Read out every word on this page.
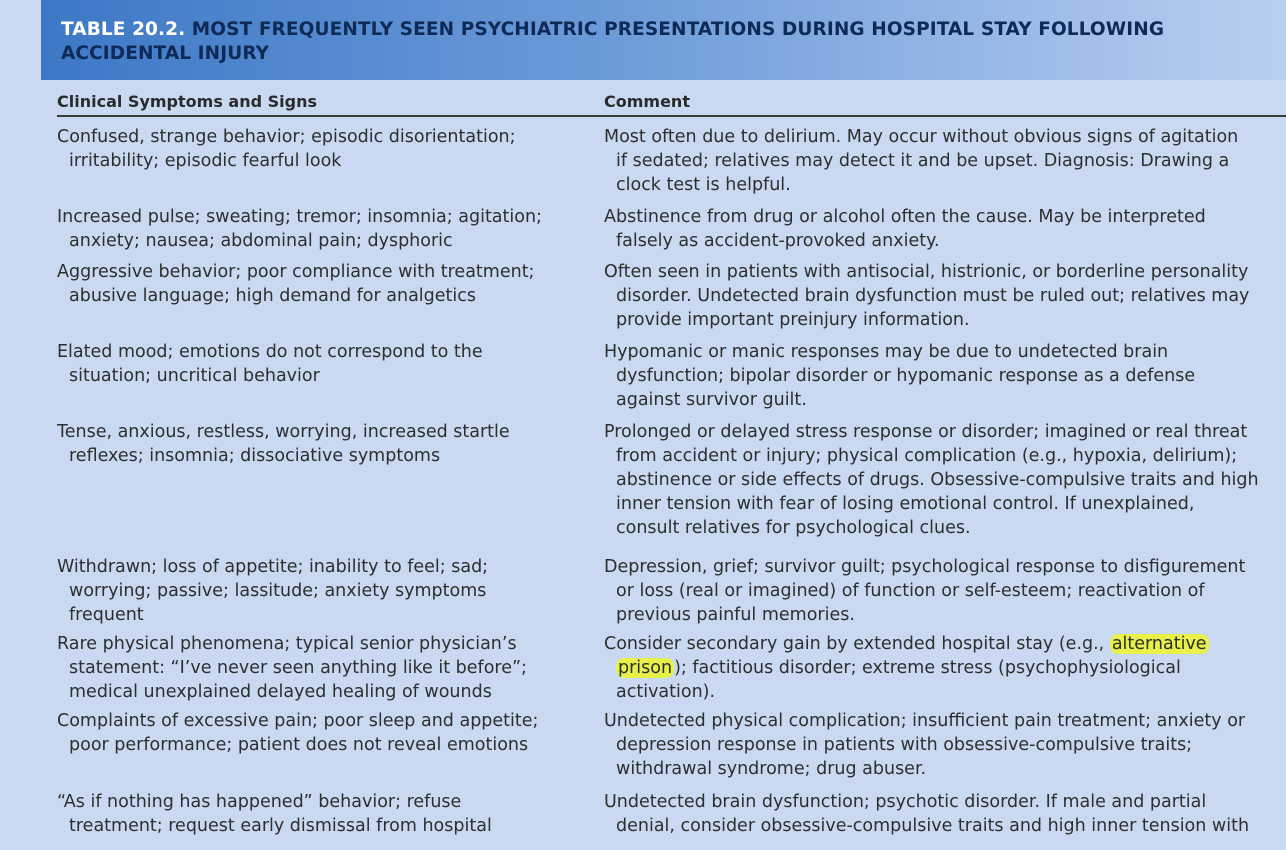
TABLE 20.2. MOST FREQUENTLY SEEN PSYCHIATRIC PRESENTATIONS DURING HOSPITAL STAY FOLLOWING
ACCIDENTAL INJURY
Clinical Symptoms and Signs	Comment
Confused, strange behavior; episodic disorientation;
irritability; episodic fearful look
Most often due to delirium. May occur without obvious signs of agitation
if sedated; relatives may detect it and be upset. Diagnosis: Drawing a
clock test is helpful.
Increased pulse; sweating; tremor; insomnia; agitation;
anxiety; nausea; abdominal pain; dysphoric
Abstinence from drug or alcohol often the cause. May be interpreted
falsely as accident-provoked anxiety.
Aggressive behavior; poor compliance with treatment;
abusive language; high demand for analgetics
Often seen in patients with antisocial, histrionic, or borderline personality
disorder. Undetected brain dysfunction must be ruled out; relatives may
provide important preinjury information.
Elated mood; emotions do not correspond to the
situation; uncritical behavior
Hypomanic or manic responses may be due to undetected brain
dysfunction; bipolar disorder or hypomanic response as a defense
against survivor guilt.
Tense, anxious, restless, worrying, increased startle
reflexes; insomnia; dissociative symptoms
Prolonged or delayed stress response or disorder; imagined or real threat
from accident or injury; physical complication (e.g., hypoxia, delirium);
abstinence or side effects of drugs. Obsessive-compulsive traits and high
inner tension with fear of losing emotional control. If unexplained,
consult relatives for psychological clues.
Withdrawn; loss of appetite; inability to feel; sad;
worrying; passive; lassitude; anxiety symptoms
frequent
Depression, grief; survivor guilt; psychological response to disfigurement
or loss (real or imagined) of function or self-esteem; reactivation of
previous painful memories.
Rare physical phenomena; typical senior physician’s
statement: “I’ve never seen anything like it before”;
medical unexplained delayed healing of wounds
Consider secondary gain by extended hospital stay (e.g., alternative
prison ); factitious disorder; extreme stress (psychophysiological
activation).
Complaints of excessive pain; poor sleep and appetite;
poor performance; patient does not reveal emotions
Undetected physical complication; insufficient pain treatment; anxiety or
depression response in patients with obsessive-compulsive traits;
withdrawal syndrome; drug abuser.
“As if nothing has happened” behavior; refuse
treatment; request early dismissal from hospital
Undetected brain dysfunction; psychotic disorder. If male and partial
denial, consider obsessive-compulsive traits and high inner tension with
